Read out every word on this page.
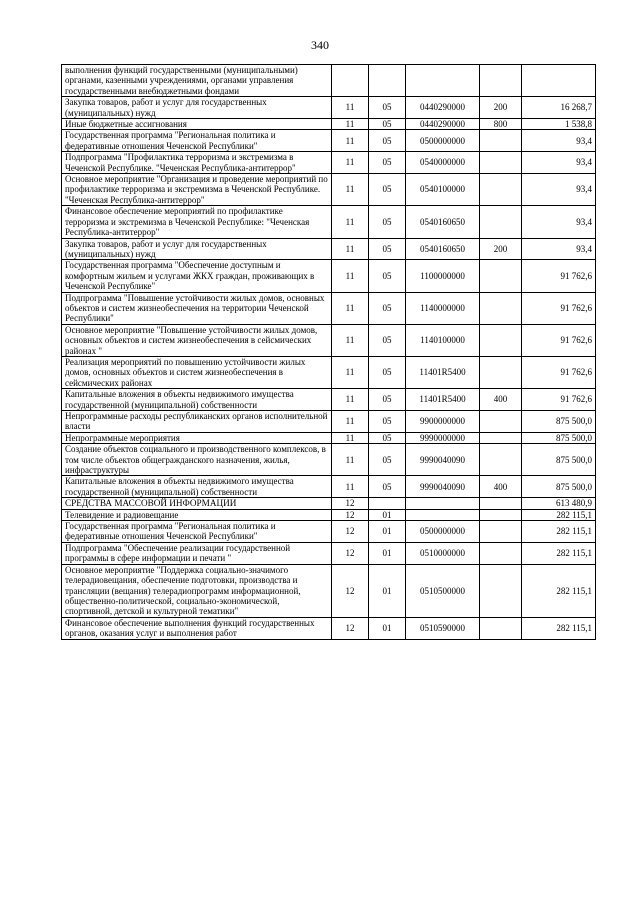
340
выполнения функций государственными (муниципальными) органами, казенными учреждениями, органами управления государственными внебюджетными фондами					
Закупка товаров, работ и услуг для государственных (муниципальных) нужд	11	05	0440290000	200	16 268,7
Иные бюджетные ассигнования	11	05	0440290000	800	1 538,8
Государственная программа "Региональная политика и федеративные отношения Чеченской Республики"	11	05	0500000000		93,4
Подпрограмма "Профилактика терроризма и экстремизма в Чеченской Республике. "Чеченская Республика-антитеррор"	11	05	0540000000		93,4
Основное мероприятие "Организация и проведение мероприятий по профилактике терроризма и экстремизма в Чеченской Республике. "Чеченская Республика-антитеррор"	11	05	0540100000		93,4
Финансовое обеспечение мероприятий по профилактике терроризма и экстремизма в Чеченской Республике: "Чеченская Республика-антитеррор"	11	05	0540160650		93,4
Закупка товаров, работ и услуг для государственных (муниципальных) нужд	11	05	0540160650	200	93,4
Государственная программа "Обеспечение доступным и комфортным жильем и услугами ЖКХ граждан, проживающих в Чеченской Республике"	11	05	1100000000		91 762,6
Подпрограмма "Повышение устойчивости жилых домов, основных объектов и систем жизнеобеспечения на территории Чеченской Республики"	11	05	1140000000		91 762,6
Основное мероприятие "Повышение устойчивости жилых домов, основных объектов и систем жизнеобеспечения в сейсмических районах "	11	05	1140100000		91 762,6
Реализация мероприятий по повышению устойчивости жилых домов, основных объектов и систем жизнеобеспечения в сейсмических районах	11	05	11401R5400		91 762,6
Капитальные вложения в объекты недвижимого имущества государственной (муниципальной) собственности	11	05	11401R5400	400	91 762,6
Непрограммные расходы республиканских органов исполнительной власти	11	05	9900000000		875 500,0
Непрограммные мероприятия	11	05	9990000000		875 500,0
Создание объектов социального и производственного комплексов, в том числе объектов общегражданского назначения, жилья, инфраструктуры	11	05	9990040090		875 500,0
Капитальные вложения в объекты недвижимого имущества государственной (муниципальной) собственности	11	05	9990040090	400	875 500,0
СРЕДСТВА МАССОВОЙ ИНФОРМАЦИИ	12				613 480,9
Телевидение и радиовещание	12	01			282 115,1
Государственная программа "Региональная политика и федеративные отношения Чеченской Республики"	12	01	0500000000		282 115,1
Подпрограмма "Обеспечение реализации государственной программы в сфере информации и печати "	12	01	0510000000		282 115,1
Основное мероприятие "Поддержка социально-значимого телерадиовещания, обеспечение подготовки, производства и трансляции (вещания) телерадиопрограмм информационной, общественно-политической, социально-экономической, спортивной, детской и культурной тематики"	12	01	0510500000		282 115,1
Финансовое обеспечение выполнения функций государственных органов, оказания услуг и выполнения работ	12	01	0510590000		282 115,1
